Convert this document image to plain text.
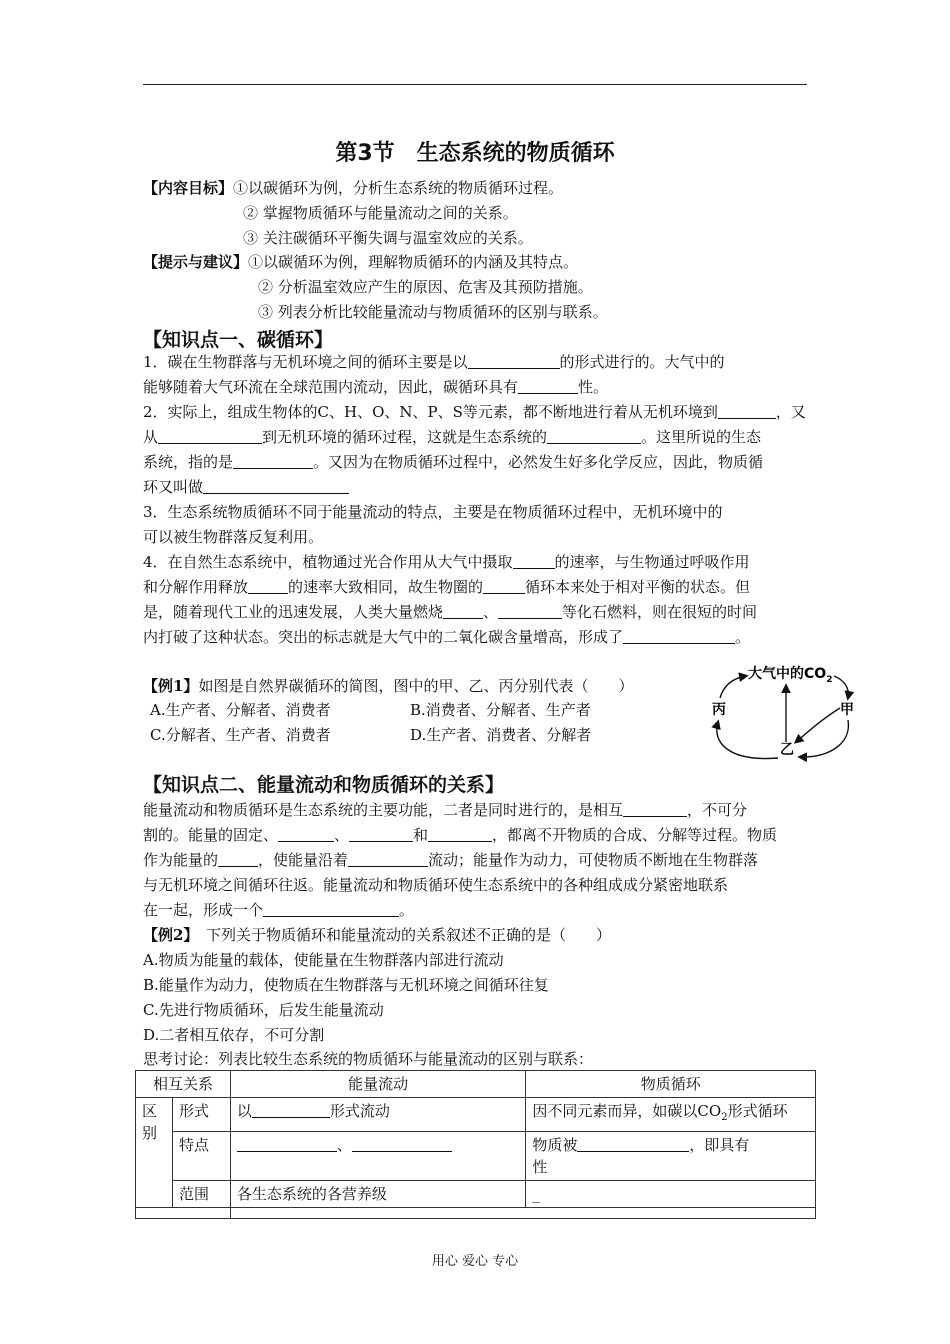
第3节　生态系统的物质循环
【内容目标】①以碳循环为例，分析生态系统的物质循环过程。
② 掌握物质循环与能量流动之间的关系。
③ 关注碳循环平衡失调与温室效应的关系。
【提示与建议】①以碳循环为例，理解物质循环的内涵及其特点。
② 分析温室效应产生的原因、危害及其预防措施。
③ 列表分析比较能量流动与物质循环的区别与联系。
【知识点一、碳循环】
1．碳在生物群落与无机环境之间的循环主要是以	的形式进行的。大气中的
能够随着大气环流在全球范围内流动，因此，碳循环具有	性。
2．实际上，组成生物体的C、H、O、N、P、S等元素，都不断地进行着从无机环境到	，又
从	到无机环境的循环过程，这就是生态系统的	。这里所说的生态
系统，指的是	。又因为在物质循环过程中，必然发生好多化学反应，因此，物质循
环又叫做
3．生态系统物质循环不同于能量流动的特点，主要是在物质循环过程中，无机环境中的
可以被生物群落反复利用。
4．在自然生态系统中，植物通过光合作用从大气中摄取	的速率，与生物通过呼吸作用
和分解作用释放	的速率大致相同，故生物圈的	循环本来处于相对平衡的状态。但
是，随着现代工业的迅速发展，人类大量燃烧	、	等化石燃料，则在很短的时间
内打破了这种状态。突出的标志就是大气中的二氧化碳含量增高，形成了	。
【例1】如图是自然界碳循环的简图，图中的甲、乙、丙分别代表（　　）
A.生产者、分解者、消费者	B.消费者、分解者、生产者
C.分解者、生产者、消费者	D.生产者、消费者、分解者
大气中的$CO_2$
丙	甲
乙
【知识点二、能量流动和物质循环的关系】
能量流动和物质循环是生态系统的主要功能，二者是同时进行的，是相互	，不可分
割的。能量的固定、	、	和	，都离不开物质的合成、分解等过程。物质
作为能量的	，使能量沿着	流动；能量作为动力，可使物质不断地在生物群落
与无机环境之间循环往返。能量流动和物质循环使生态系统中的各种组成成分紧密地联系
在一起，形成一个	。
【例2】　下列关于物质循环和能量流动的关系叙述不正确的是（　　）
A.物质为能量的载体，使能量在生物群落内部进行流动
B.能量作为动力，使物质在生物群落与无机环境之间循环往复
C.先进行物质循环，后发生能量流动
D.二者相互依存，不可分割
思考讨论：列表比较生态系统的物质循环与能量流动的区别与联系：
相互关系		能量流动	物质循环
区别	形式	以 形式流动	因不同元素而异，如碳以$CO_2$形式循环
	特点	、	物质被 ，即具有
性
	范围	各生态系统的各营养级	_

用心 爱心 专心
